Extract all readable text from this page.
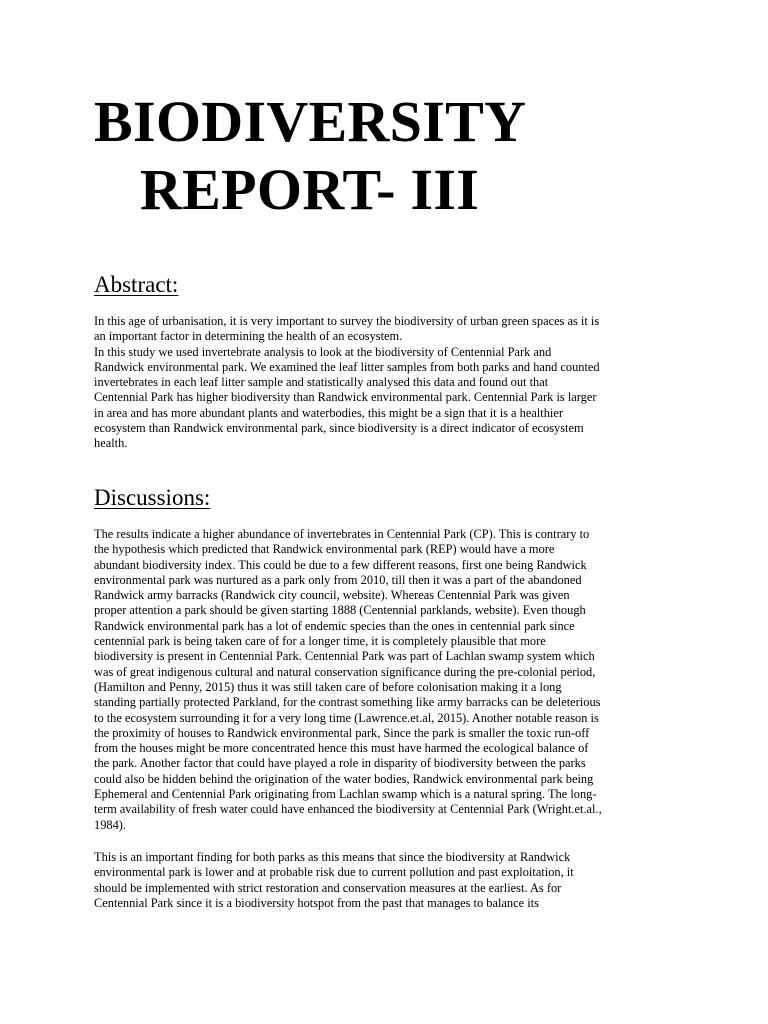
BIODIVERSITY
REPORT- III
Abstract:

In this age of urbanisation, it is very important to survey the biodiversity of urban green spaces as it is
an important factor in determining the health of an ecosystem.
In this study we used invertebrate analysis to look at the biodiversity of Centennial Park and
Randwick environmental park. We examined the leaf litter samples from both parks and hand counted
invertebrates in each leaf litter sample and statistically analysed this data and found out that
Centennial Park has higher biodiversity than Randwick environmental park. Centennial Park is larger
in area and has more abundant plants and waterbodies, this might be a sign that it is a healthier
ecosystem than Randwick environmental park, since biodiversity is a direct indicator of ecosystem
health.

Discussions:

The results indicate a higher abundance of invertebrates in Centennial Park (CP). This is contrary to
the hypothesis which predicted that Randwick environmental park (REP) would have a more
abundant biodiversity index. This could be due to a few different reasons, first one being Randwick
environmental park was nurtured as a park only from 2010, till then it was a part of the abandoned
Randwick army barracks (Randwick city council, website). Whereas Centennial Park was given
proper attention a park should be given starting 1888 (Centennial parklands, website). Even though
Randwick environmental park has a lot of endemic species than the ones in centennial park since
centennial park is being taken care of for a longer time, it is completely plausible that more
biodiversity is present in Centennial Park. Centennial Park was part of Lachlan swamp system which
was of great indigenous cultural and natural conservation significance during the pre-colonial period,
(Hamilton and Penny, 2015) thus it was still taken care of before colonisation making it a long
standing partially protected Parkland, for the contrast something like army barracks can be deleterious
to the ecosystem surrounding it for a very long time (Lawrence.et.al, 2015). Another notable reason is
the proximity of houses to Randwick environmental park, Since the park is smaller the toxic run-off
from the houses might be more concentrated hence this must have harmed the ecological balance of
the park. Another factor that could have played a role in disparity of biodiversity between the parks
could also be hidden behind the origination of the water bodies, Randwick environmental park being
Ephemeral and Centennial Park originating from Lachlan swamp which is a natural spring. The long-
term availability of fresh water could have enhanced the biodiversity at Centennial Park (Wright.et.al.,
1984).

This is an important finding for both parks as this means that since the biodiversity at Randwick
environmental park is lower and at probable risk due to current pollution and past exploitation, it
should be implemented with strict restoration and conservation measures at the earliest. As for
Centennial Park since it is a biodiversity hotspot from the past that manages to balance its
